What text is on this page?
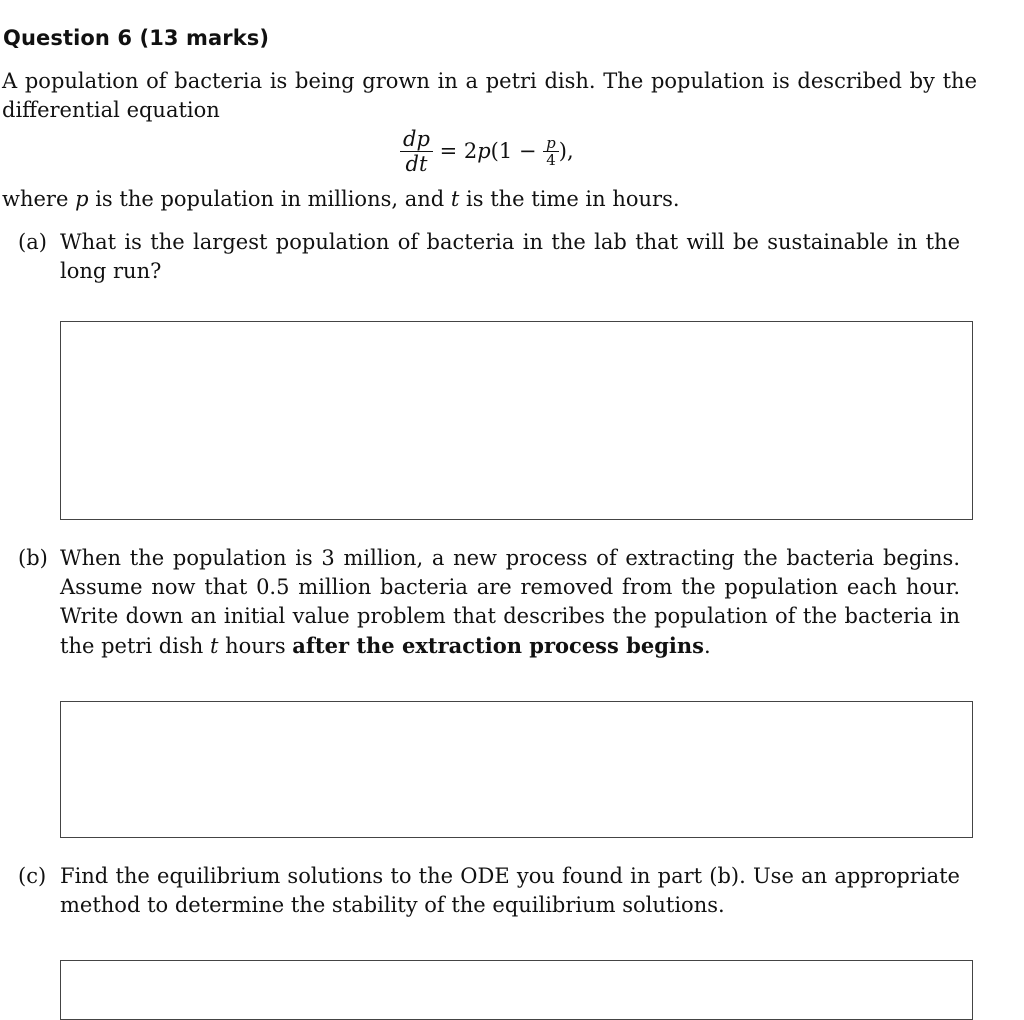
Question 6 (13 marks)

A population of bacteria is being grown in a petri dish. The population is described by the differential equation

$\frac{dp}{dt} = 2$ p ($1 - \frac{p}{4}$ ),

where p is the population in millions, and t is the time in hours.

(a) What is the largest population of bacteria in the lab that will be sustainable in the long run?

(b) When the population is 3 million, a new process of extracting the bacteria begins. Assume now that 0.5 million bacteria are removed from the population each hour. Write down an initial value problem that describes the population of the bacteria in the petri dish t hours after the extraction process begins.

(c) Find the equilibrium solutions to the ODE you found in part (b). Use an appropriate method to determine the stability of the equilibrium solutions.
